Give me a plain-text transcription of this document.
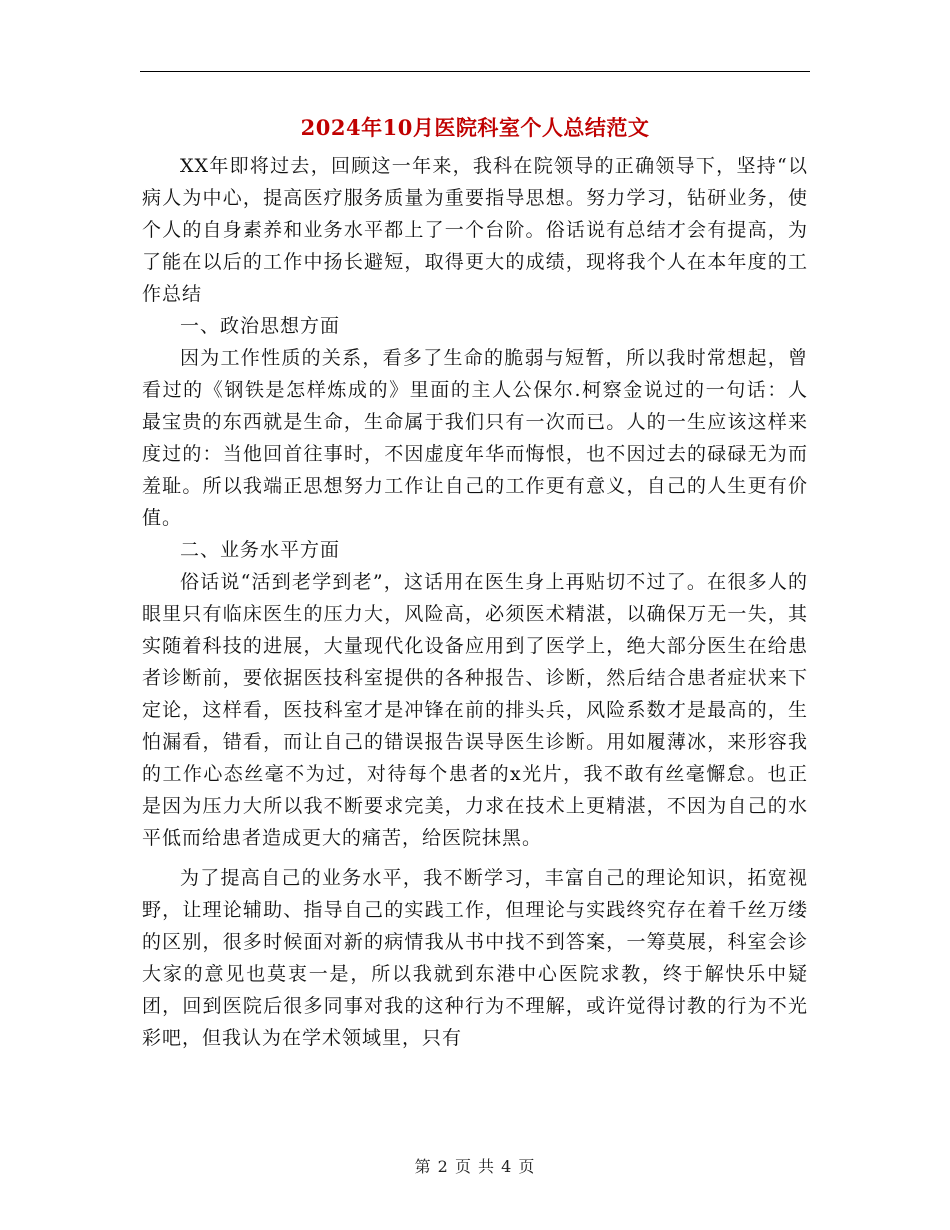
2024年10月医院科室个人总结范文

XX年即将过去，回顾这一年来，我科在院领导的正确领导下，坚持“以病人为中心，提高医疗服务质量为重要指导思想。努力学习，钻研业务，使个人的自身素养和业务水平都上了一个台阶。俗话说有总结才会有提高，为了能在以后的工作中扬长避短，取得更大的成绩，现将我个人在本年度的工作总结

一、政治思想方面

因为工作性质的关系，看多了生命的脆弱与短暂，所以我时常想起，曾看过的《钢铁是怎样炼成的》里面的主人公保尔.柯察金说过的一句话：人最宝贵的东西就是生命，生命属于我们只有一次而已。人的一生应该这样来度过的：当他回首往事时，不因虚度年华而悔恨，也不因过去的碌碌无为而羞耻。所以我端正思想努力工作让自己的工作更有意义，自己的人生更有价值。

二、业务水平方面

俗话说“活到老学到老”，这话用在医生身上再贴切不过了。在很多人的眼里只有临床医生的压力大，风险高，必须医术精湛，以确保万无一失，其实随着科技的进展，大量现代化设备应用到了医学上，绝大部分医生在给患者诊断前，要依据医技科室提供的各种报告、诊断，然后结合患者症状来下定论，这样看，医技科室才是冲锋在前的排头兵，风险系数才是最高的，生怕漏看，错看，而让自己的错误报告误导医生诊断。用如履薄冰，来形容我的工作心态丝毫不为过，对待每个患者的x光片，我不敢有丝毫懈怠。也正是因为压力大所以我不断要求完美，力求在技术上更精湛，不因为自己的水平低而给患者造成更大的痛苦，给医院抹黑。

为了提高自己的业务水平，我不断学习，丰富自己的理论知识，拓宽视野，让理论辅助、指导自己的实践工作，但理论与实践终究存在着千丝万缕的区别，很多时候面对新的病情我从书中找不到答案，一筹莫展，科室会诊大家的意见也莫衷一是，所以我就到东港中心医院求教，终于解快乐中疑团，回到医院后很多同事对我的这种行为不理解，或许觉得讨教的行为不光彩吧，但我认为在学术领域里，只有

第 2 页 共 4 页
